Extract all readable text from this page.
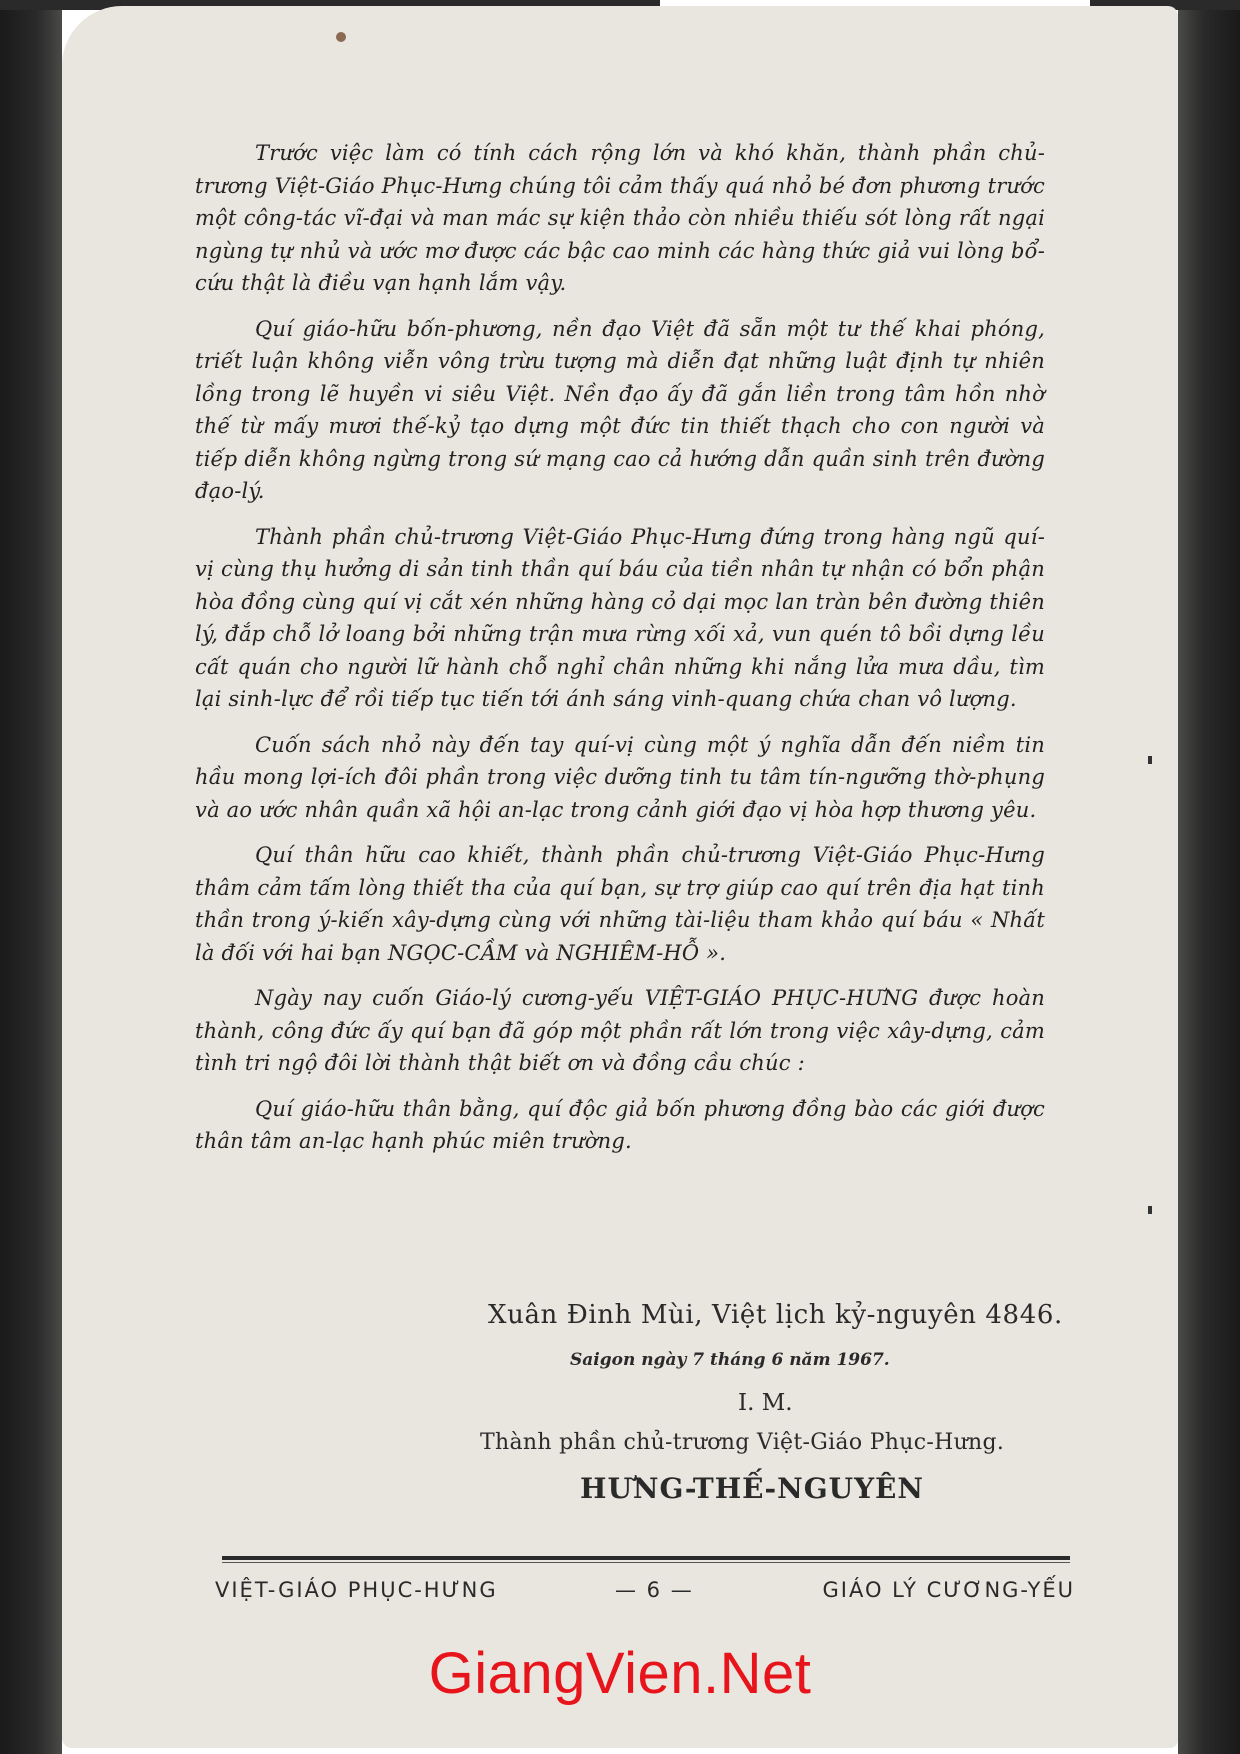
Trước việc làm có tính cách rộng lớn và khó khăn, thành phần chủ-trương Việt-Giáo Phục-Hưng chúng tôi cảm thấy quá nhỏ bé đơn phương trước một công-tác vĩ-đại và man mác sự kiện thảo còn nhiều thiếu sót lòng rất ngại ngùng tự nhủ và ước mơ được các bậc cao minh các hàng thức giả vui lòng bổ-cứu thật là điều vạn hạnh lắm vậy.

Quí giáo-hữu bốn-phương, nền đạo Việt đã sẵn một tư thế khai phóng, triết luận không viễn vông trừu tượng mà diễn đạt những luật định tự nhiên lồng trong lẽ huyền vi siêu Việt. Nền đạo ấy đã gắn liền trong tâm hồn nhờ thế từ mấy mươi thế-kỷ tạo dựng một đức tin thiết thạch cho con người và tiếp diễn không ngừng trong sứ mạng cao cả hướng dẫn quần sinh trên đường đạo-lý.

Thành phần chủ-trương Việt-Giáo Phục-Hưng đứng trong hàng ngũ quí-vị cùng thụ hưởng di sản tinh thần quí báu của tiền nhân tự nhận có bổn phận hòa đồng cùng quí vị cắt xén những hàng cỏ dại mọc lan tràn bên đường thiên lý, đắp chỗ lở loang bởi những trận mưa rừng xối xả, vun quén tô bồi dựng lều cất quán cho người lữ hành chỗ nghỉ chân những khi nắng lửa mưa dầu, tìm lại sinh-lực để rồi tiếp tục tiến tới ánh sáng vinh-quang chứa chan vô lượng.

Cuốn sách nhỏ này đến tay quí-vị cùng một ý nghĩa dẫn đến niềm tin hầu mong lợi-ích đôi phần trong việc dưỡng tinh tu tâm tín-ngưỡng thờ-phụng và ao ước nhân quần xã hội an-lạc trong cảnh giới đạo vị hòa hợp thương yêu.

Quí thân hữu cao khiết, thành phần chủ-trương Việt-Giáo Phục-Hưng thâm cảm tấm lòng thiết tha của quí bạn, sự trợ giúp cao quí trên địa hạt tinh thần trong ý-kiến xây-dựng cùng với những tài-liệu tham khảo quí báu « Nhất là đối với hai bạn NGỌC-CẦM và NGHIÊM-HỖ ».

Ngày nay cuốn Giáo-lý cương-yếu VIỆT-GIÁO PHỤC-HƯNG được hoàn thành, công đức ấy quí bạn đã góp một phần rất lớn trong việc xây-dựng, cảm tình tri ngộ đôi lời thành thật biết ơn và đồng cầu chúc :

Quí giáo-hữu thân bằng, quí độc giả bốn phương đồng bào các giới được thân tâm an-lạc hạnh phúc miên trường.

Xuân Đinh Mùi, Việt lịch kỷ-nguyên 4846.
Saigon ngày 7 tháng 6 năm 1967.
I. M.
Thành phần chủ-trương Việt-Giáo Phục-Hưng.
HƯNG-THẾ-NGUYÊN
VIỆT-GIÁO PHỤC-HƯNG	— 6 —	GIÁO LÝ CƯƠNG-YẾU
GiangVien.Net
